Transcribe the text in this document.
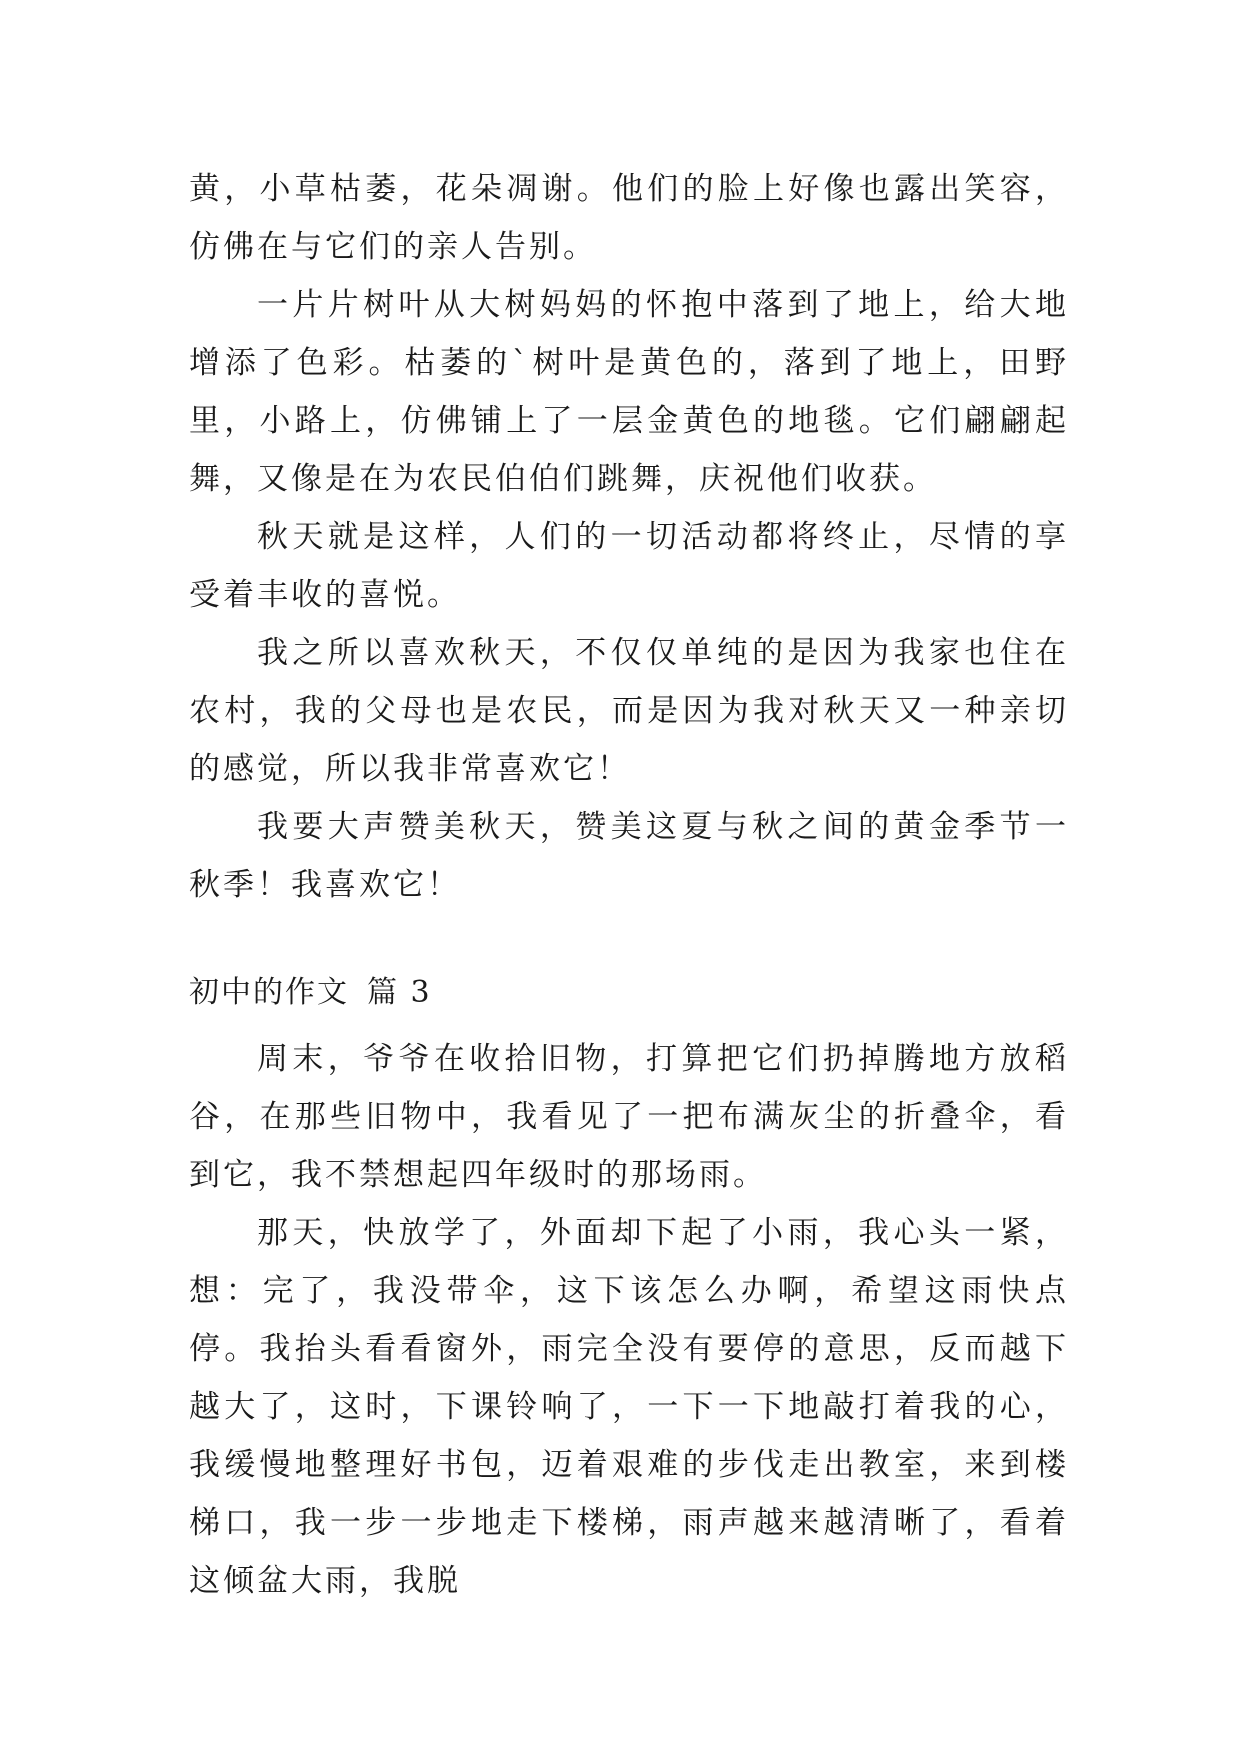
黄，小草枯萎，花朵凋谢。他们的脸上好像也露出笑容，仿佛在与它们的亲人告别。

一片片树叶从大树妈妈的怀抱中落到了地上，给大地增添了色彩。枯萎的`树叶是黄色的，落到了地上，田野里，小路上，仿佛铺上了一层金黄色的地毯。它们翩翩起舞，又像是在为农民伯伯们跳舞，庆祝他们收获。

秋天就是这样，人们的一切活动都将终止，尽情的享受着丰收的喜悦。

我之所以喜欢秋天，不仅仅单纯的是因为我家也住在农村，我的父母也是农民，而是因为我对秋天又一种亲切的感觉，所以我非常喜欢它！

我要大声赞美秋天，赞美这夏与秋之间的黄金季节一秋季！我喜欢它！

初中的作文 篇 3

周末，爷爷在收拾旧物，打算把它们扔掉腾地方放稻谷，在那些旧物中，我看见了一把布满灰尘的折叠伞，看到它，我不禁想起四年级时的那场雨。

那天，快放学了，外面却下起了小雨，我心头一紧，想：完了，我没带伞，这下该怎么办啊，希望这雨快点停。我抬头看看窗外，雨完全没有要停的意思，反而越下越大了，这时，下课铃响了，一下一下地敲打着我的心，我缓慢地整理好书包，迈着艰难的步伐走出教室，来到楼梯口，我一步一步地走下楼梯，雨声越来越清晰了，看着这倾盆大雨，我脱
